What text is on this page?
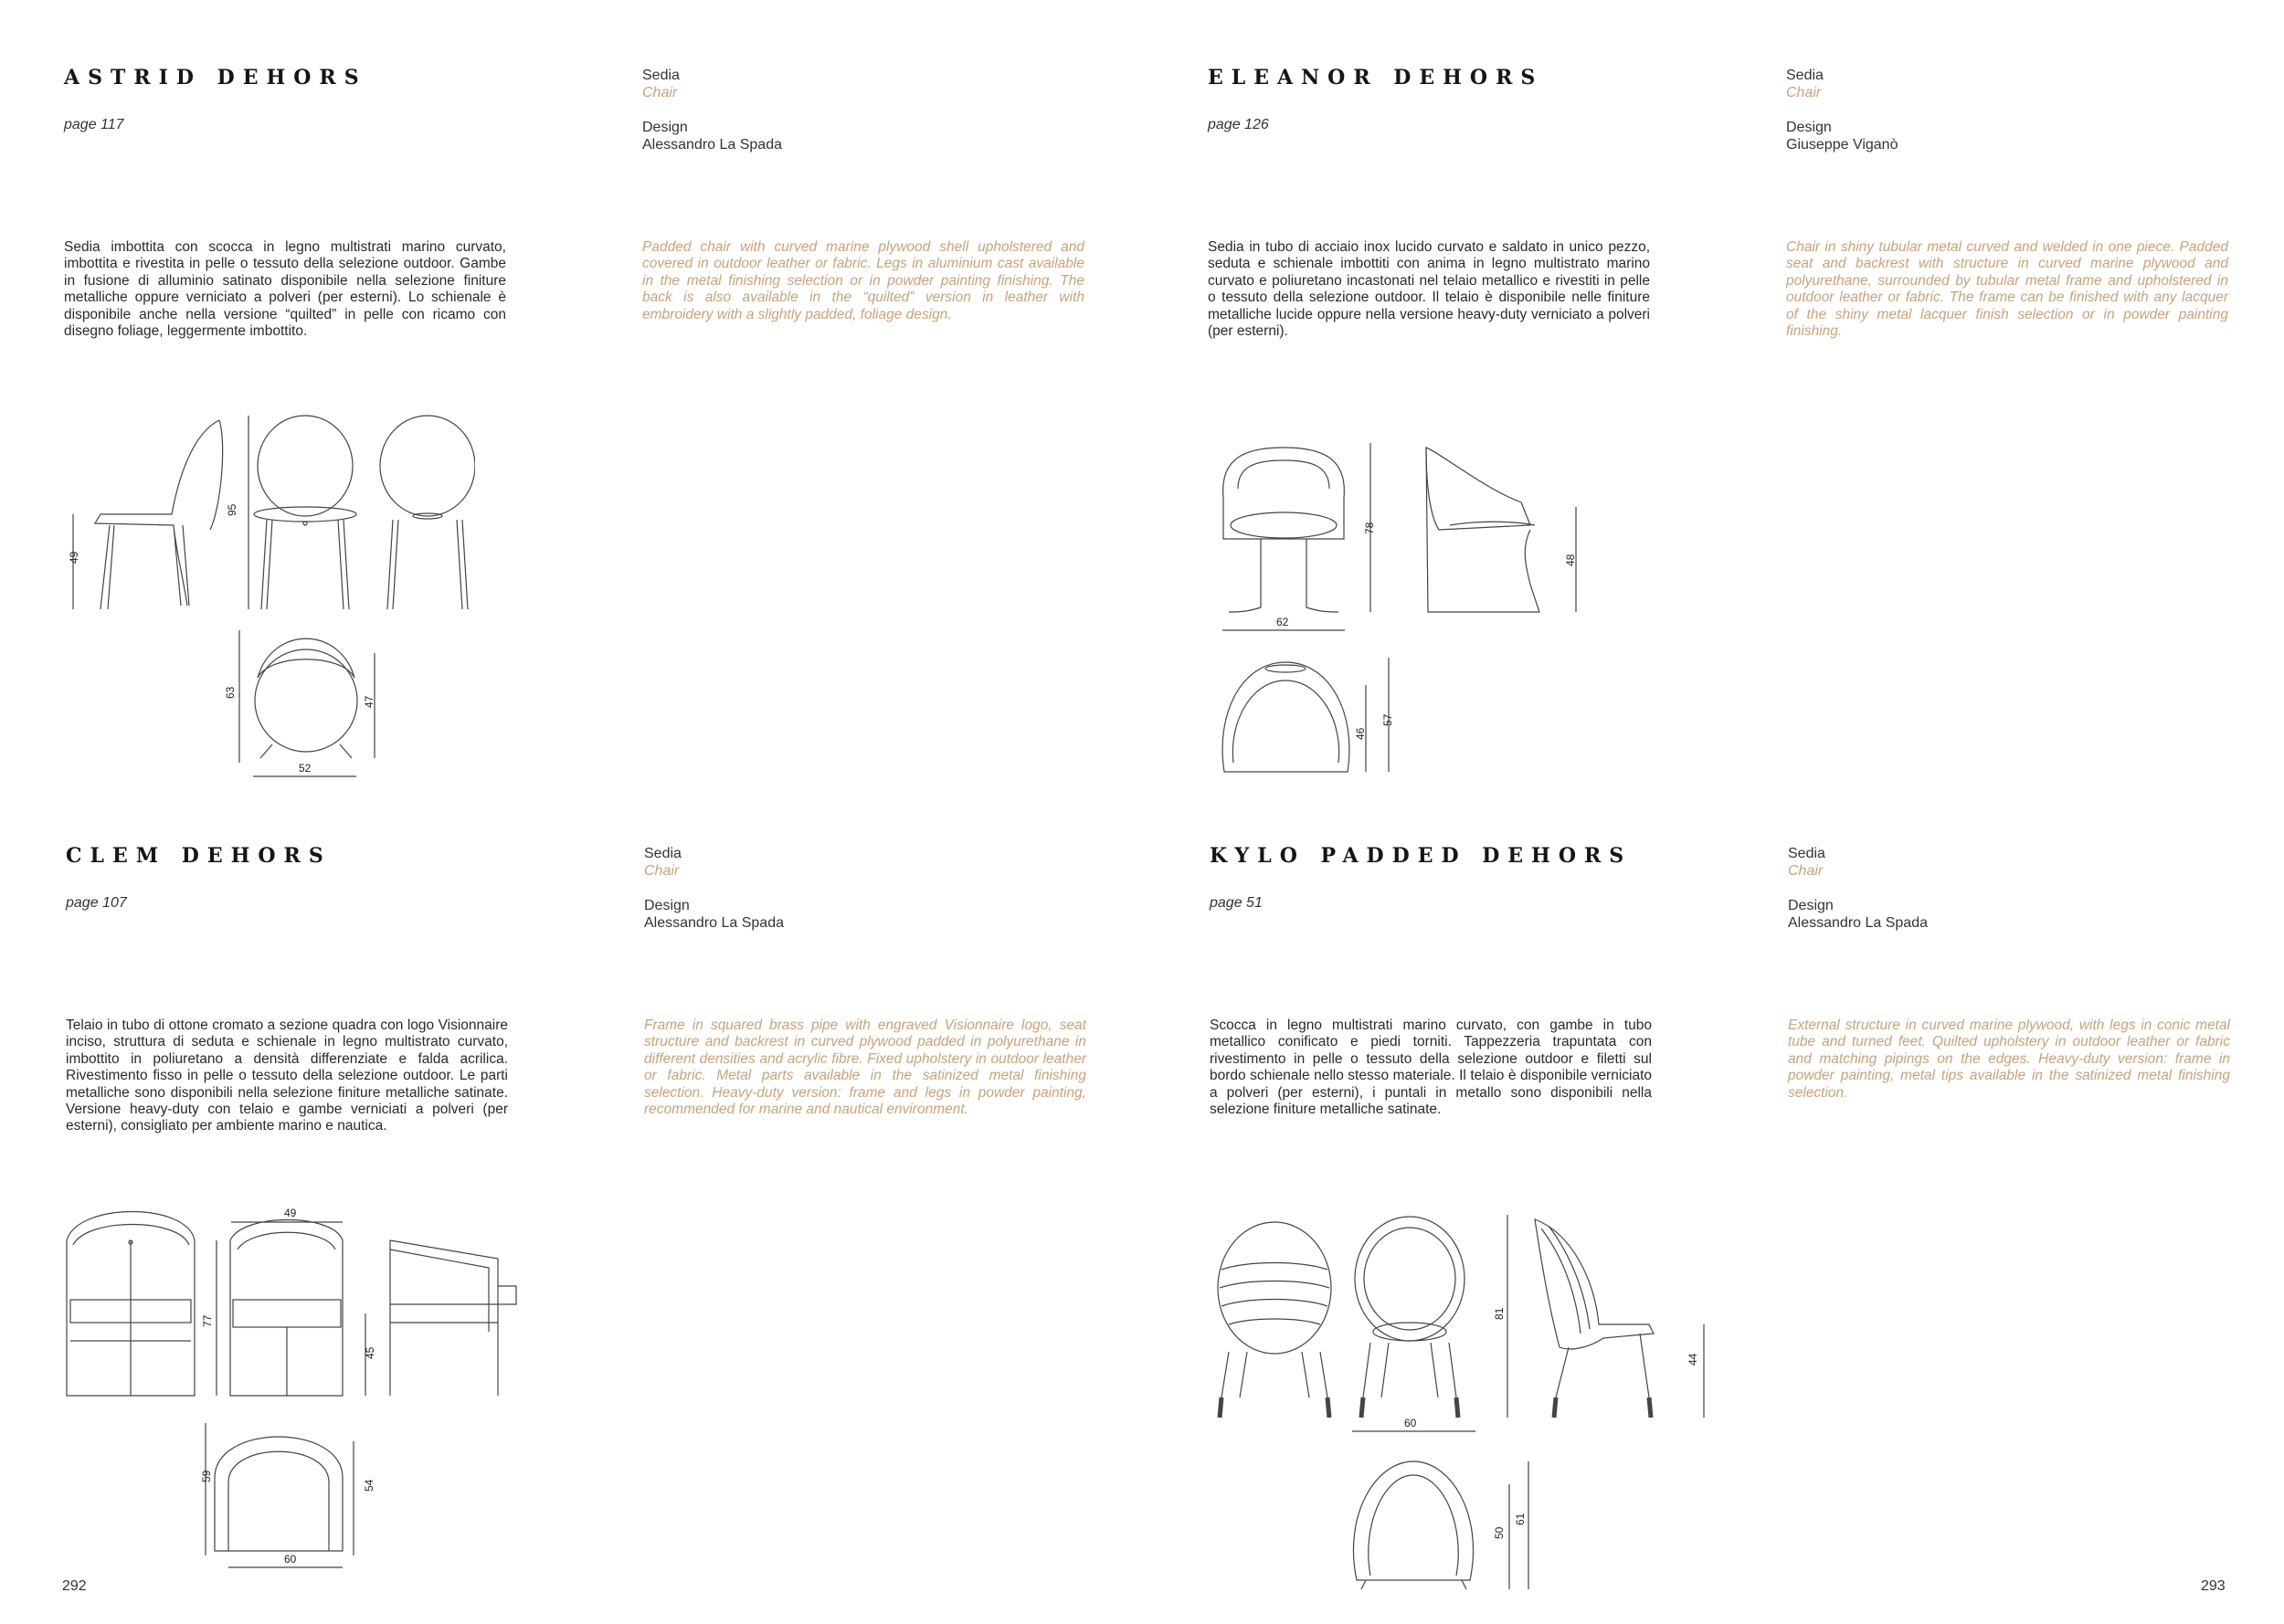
ASTRID DEHORS
page 117
Sedia
Chair
Design
Alessandro La Spada
Sedia imbottita con scocca in legno multistrati marino curvato, imbottita e rivestita in pelle o tessuto della selezione outdoor. Gambe in fusione di alluminio satinato disponibile nella selezione finiture metalliche oppure verniciato a polveri (per esterni). Lo schienale è disponibile anche nella versione “quilted” in pelle con ricamo con disegno foliage, leggermente imbottito.
Padded chair with curved marine plywood shell upholstered and covered in outdoor leather or fabric. Legs in aluminium cast available in the metal finishing selection or in powder painting finishing. The back is also available in the “quilted” version in leather with embroidery with a slightly padded, foliage design.
49
95
63
47
52
ELEANOR DEHORS
page 126
Sedia
Chair
Design
Giuseppe Viganò
Sedia in tubo di acciaio inox lucido curvato e saldato in unico pezzo, seduta e schienale imbottiti con anima in legno multistrato marino curvato e poliuretano incastonati nel telaio metallico e rivestiti in pelle o tessuto della selezione outdoor. Il telaio è disponibile nelle finiture metalliche lucide oppure nella versione heavy-duty verniciato a polveri (per esterni).
Chair in shiny tubular metal curved and welded in one piece. Padded seat and backrest with structure in curved marine plywood and polyurethane, surrounded by tubular metal frame and upholstered in outdoor leather or fabric. The frame can be finished with any lacquer of the shiny metal lacquer finish selection or in powder painting finishing.
78
62
48
46
57
CLEM DEHORS
page 107
Sedia
Chair
Design
Alessandro La Spada
Telaio in tubo di ottone cromato a sezione quadra con logo Visionnaire inciso, struttura di seduta e schienale in legno multistrato curvato, imbottito in poliuretano a densità differenziate e falda acrilica. Rivestimento fisso in pelle o tessuto della selezione outdoor. Le parti metalliche sono disponibili nella selezione finiture metalliche satinate. Versione heavy-duty con telaio e gambe verniciati a polveri (per esterni), consigliato per ambiente marino e nautica.
Frame in squared brass pipe with engraved Visionnaire logo, seat structure and backrest in curved plywood padded in polyurethane in different densities and acrylic fibre. Fixed upholstery in outdoor leather or fabric. Metal parts available in the satinized metal finishing selection. Heavy-duty version: frame and legs in powder painting, recommended for marine and nautical environment.
77
49
45
59
54
60
KYLO PADDED DEHORS
page 51
Sedia
Chair
Design
Alessandro La Spada
Scocca in legno multistrati marino curvato, con gambe in tubo metallico conificato e piedi torniti. Tappezzeria trapuntata con rivestimento in pelle o tessuto della selezione outdoor e filetti sul bordo schienale nello stesso materiale. Il telaio è disponibile verniciato a polveri (per esterni), i puntali in metallo sono disponibili nella selezione finiture metalliche satinate.
External structure in curved marine plywood, with legs in conic metal tube and turned feet. Quilted upholstery in outdoor leather or fabric and matching pipings on the edges. Heavy-duty version: frame in powder painting, metal tips available in the satinized metal finishing selection.
81
60
44
50
61
292	293
